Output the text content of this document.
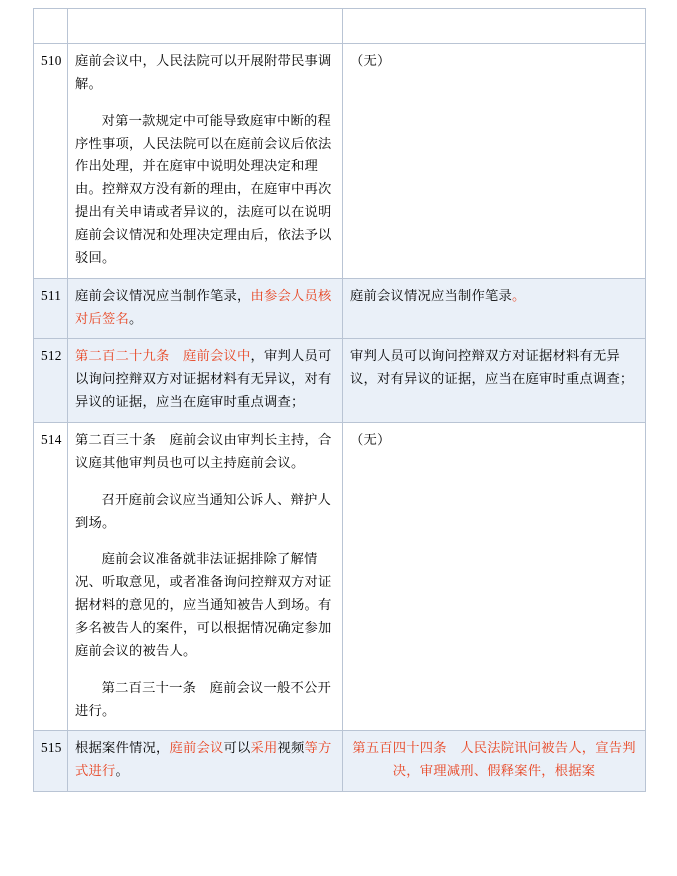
510	庭前会议中，人民法院可以开展附带民事调解。

对第一款规定中可能导致庭审中断的程序性事项，人民法院可以在庭前会议后依法作出处理，并在庭审中说明处理决定和理由。控辩双方没有新的理由，在庭审中再次提出有关申请或者异议的，法庭可以在说明庭前会议情况和处理决定理由后，依法予以驳回。	（无）

511	庭前会议情况应当制作笔录，由参会人员核对后签名。	庭前会议情况应当制作笔录。

512	第二百二十九条　庭前会议中，审判人员可以询问控辩双方对证据材料有无异议，对有异议的证据，应当在庭审时重点调查；	审判人员可以询问控辩双方对证据材料有无异议，对有异议的证据，应当在庭审时重点调查；

514	第二百三十条　庭前会议由审判长主持，合议庭其他审判员也可以主持庭前会议。

召开庭前会议应当通知公诉人、辩护人到场。

庭前会议准备就非法证据排除了解情况、听取意见，或者准备询问控辩双方对证据材料的意见的，应当通知被告人到场。有多名被告人的案件，可以根据情况确定参加庭前会议的被告人。

第二百三十一条　庭前会议一般不公开进行。	（无）

515	根据案件情况，庭前会议可以采用视频等方式进行。	第五百四十四条　人民法院讯问被告人，宣告判决，审理减刑、假释案件，根据案
